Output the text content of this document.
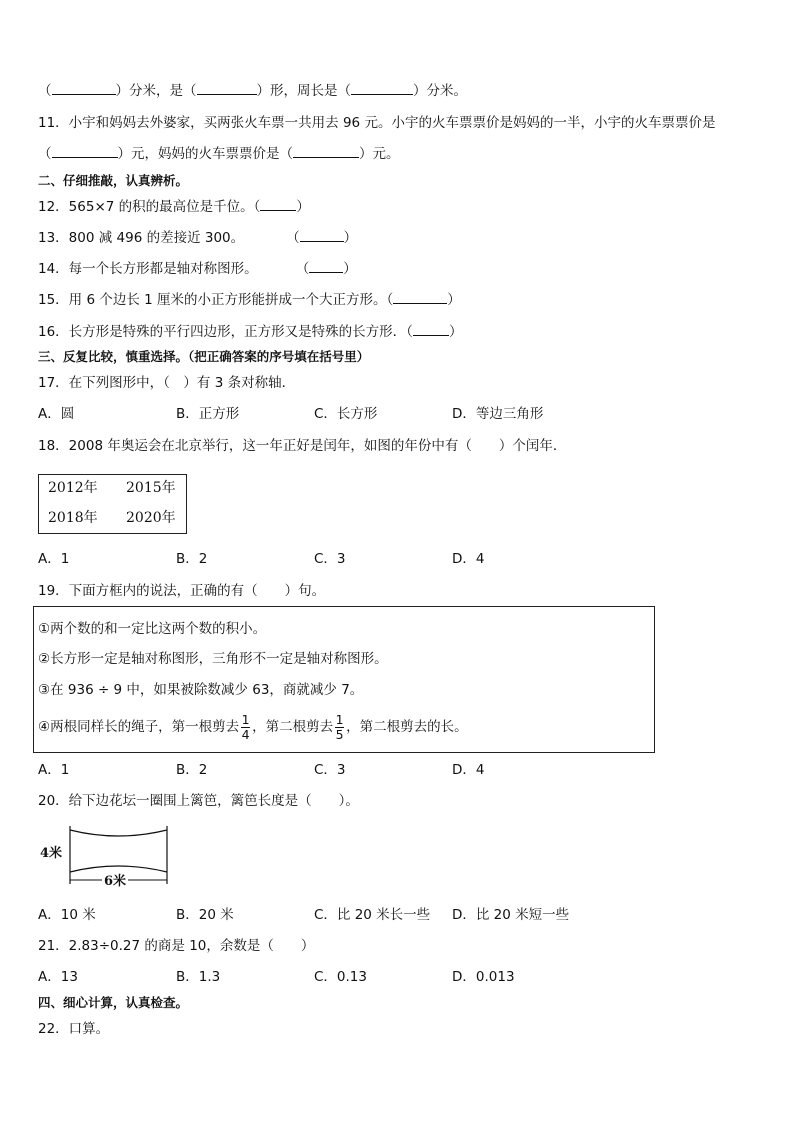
（	）分米，是（	）形，周长是（	）分米。
11．小宇和妈妈去外婆家，买两张火车票一共用去 96 元。小宇的火车票票价是妈妈的一半，小宇的火车票票价是
（	）元，妈妈的火车票票价是（	）元。
二、仔细推敲，认真辨析。
12．565×7 的积的最高位是千位。（	）
13．800 减 496 的差接近 300。	（	）
14．每一个长方形都是轴对称图形。	（	）
15．用 6 个边长 1 厘米的小正方形能拼成一个大正方形。（	）
16．长方形是特殊的平行四边形，正方形又是特殊的长方形．（	）
三、反复比较，慎重选择。（把正确答案的序号填在括号里）
17．在下列图形中，（　）有 3 条对称轴．
A．圆	B．正方形	C．长方形	D．等边三角形
18．2008 年奥运会在北京举行，这一年正好是闰年，如图的年份中有（　　）个闰年．
2012年 2015年
2018年 2020年
A．1	B．2	C．3	D．4
19．下面方框内的说法，正确的有（　　）句。
①两个数的和一定比这两个数的积小。
②长方形一定是轴对称图形，三角形不一定是轴对称图形。
③在 936 ÷ 9 中，如果被除数减少 63，商就减少 7。
④两根同样长的绳子，第一根剪去 $\frac{1}{4}$ ，第二根剪去 $\frac{1}{5}$ ，第二根剪去的长。
A．1	B．2	C．3	D．4
20．给下边花坛一圈围上篱笆，篱笆长度是（　　）。
4米
6米
A．10 米	B．20 米	C．比 20 米长一些 D．比 20 米短一些
21．2.83÷0.27 的商是 10，余数是（　　）
A．13	B．1.3	C．0.13	D．0.013
四、细心计算，认真检查。
22．口算。
